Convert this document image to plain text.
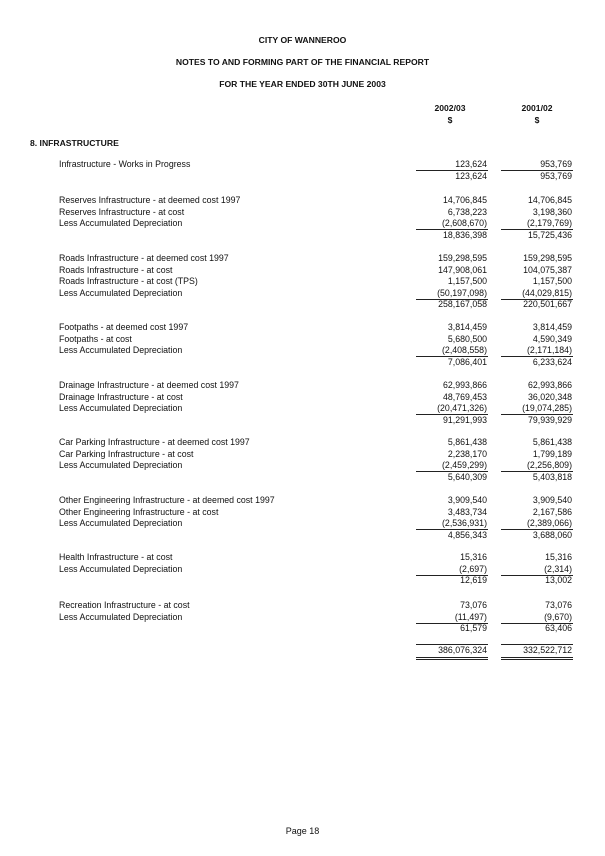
CITY OF WANNEROO
NOTES TO AND FORMING PART OF THE FINANCIAL REPORT
FOR THE YEAR ENDED 30TH JUNE 2003
2002/03
$
2001/02
$
8. INFRASTRUCTURE
Infrastructure - Works in Progress	123,624	953,769
123,624	953,769
Reserves Infrastructure - at deemed cost 1997	14,706,845	14,706,845
Reserves Infrastructure - at cost	6,738,223	3,198,360
Less Accumulated Depreciation	(2,608,670)	(2,179,769)
18,836,398	15,725,436
Roads Infrastructure - at deemed cost 1997	159,298,595	159,298,595
Roads Infrastructure - at cost	147,908,061	104,075,387
Roads Infrastructure - at cost (TPS)	1,157,500	1,157,500
Less Accumulated Depreciation	(50,197,098)	(44,029,815)
258,167,058	220,501,667
Footpaths - at deemed cost 1997	3,814,459	3,814,459
Footpaths - at cost	5,680,500	4,590,349
Less Accumulated Depreciation	(2,408,558)	(2,171,184)
7,086,401	6,233,624
Drainage Infrastructure - at deemed cost 1997	62,993,866	62,993,866
Drainage Infrastructure - at cost	48,769,453	36,020,348
Less Accumulated Depreciation	(20,471,326)	(19,074,285)
91,291,993	79,939,929
Car Parking Infrastructure - at deemed cost 1997	5,861,438	5,861,438
Car Parking Infrastructure - at cost	2,238,170	1,799,189
Less Accumulated Depreciation	(2,459,299)	(2,256,809)
5,640,309	5,403,818
Other Engineering Infrastructure - at deemed cost 1997	3,909,540	3,909,540
Other Engineering Infrastructure - at cost	3,483,734	2,167,586
Less Accumulated Depreciation	(2,536,931)	(2,389,066)
4,856,343	3,688,060
Health Infrastructure - at cost	15,316	15,316
Less Accumulated Depreciation	(2,697)	(2,314)
12,619	13,002
Recreation Infrastructure - at cost	73,076	73,076
Less Accumulated Depreciation	(11,497)	(9,670)
61,579	63,406
386,076,324	332,522,712
Page 18
